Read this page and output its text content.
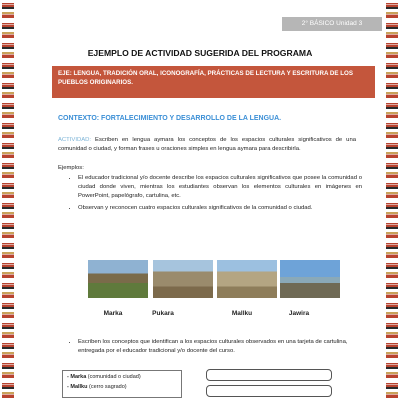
2° BÁSICO Unidad 3
EJEMPLO DE ACTIVIDAD SUGERIDA DEL PROGRAMA
EJE: LENGUA, TRADICIÓN ORAL, ICONOGRAFÍA, PRÁCTICAS DE LECTURA Y ESCRITURA DE LOS PUEBLOS ORIGINARIOS.
CONTEXTO: FORTALECIMIENTO Y DESARROLLO DE LA LENGUA.
ACTIVIDAD: Escriben en lengua aymara los conceptos de los espacios culturales significativos de una comunidad o ciudad, y forman frases u oraciones simples en lengua aymara para describirla.
Ejemplos:
• El educador tradicional y/o docente describe los espacios culturales significativos que posee la comunidad o ciudad donde viven, mientras los estudiantes observan los elementos culturales en imágenes en PowerPoint, papelógrafo, cartulina, etc.
• Observan y reconocen cuatro espacios culturales significativos de la comunidad o ciudad.
Marka	Pukara	Mallku	Jawira
• Escriben los conceptos que identifican a los espacios culturales observados en una tarjeta de cartulina, entregada por el educador tradicional y/o docente del curso.
- Marka (comunidad o ciudad)
- Mallku (cerro sagrado)
